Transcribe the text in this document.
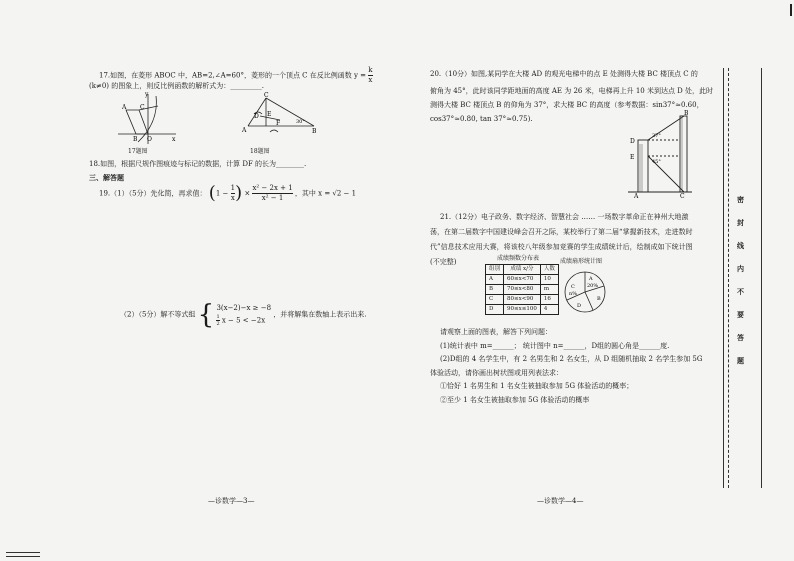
17.如图，在菱形 ABOC 中，AB=2,∠A=60°，菱形的一个顶点 C 在反比例函数 $y = \frac{k}{x}$
(k≠0) 的图象上，则反比例函数的解析式为：_________.
y
A C
B O	x
17题图
C
D E
F
A	B
30°
18题图
18.如图，根据尺规作图痕迹与标记的数据，计算 DF 的长为________.
三、解答题
19.（1）（5分）先化简，再求值： ($1 - \frac{1}{x}$ ) × $\frac{\text{x² − 2x + 1}}{\text{x² − 1}}$ ，其中 x = √2 − 1
（2）（5分）解不等式组 { 3(x−2)−x ≥ −8
$\frac{1}{2}$ x − 5 < −2x
，并将解集在数轴上表示出来.
—诊数学—3—
20.（10分）如图,某同学在大楼 AD 的观光电梯中的点 E 处测得大楼 BC 楼顶点 C 的
俯角为 45°，此时该同学距地面的高度 AE 为 26 米，电梯再上升 10 米到达点 D 处，此时
测得大楼 BC 楼顶点 B 的仰角为 37°，求大楼 BC 的高度（参考数据：sin37°≈0.60，
cos37°≈0.80, tan 37°≈0.75).
D
E
A	C
B
37°
45°
21.（12分）电子政务、数字经济、智慧社会 …… 一场数字革命正在神州大地激
荡，在第二届数字中国建设峰会召开之际，某校举行了第二届“掌握新技术，走进数时
代”信息技术应用大赛，将该校八年级参加竞赛的学生成绩统计后，绘制成如下统计图
(不完整)	成绩频数分布表
组别	成绩 x/分	人数
A	60≤x<70	10
B	70≤x<80	m
C	80≤x<90	16
D	90≤x≤100	4
成绩扇形统计图
A
20%
B
C
n%
D
请观察上面的图表，解答下列问题：
(1)统计表中 m=______； 统计图中 n=______，D组的圆心角是______度.
(2)D组的 4 名学生中，有 2 名男生和 2 名女生，从 D 组随机抽取 2 名学生参加 5G
体验活动，请你画出树状图或用列表法求：
①恰好 1 名男生和 1 名女生被抽取参加 5G 体验活动的概率；
②至少 1 名女生被抽取参加 5G 体验活动的概率
—诊数学—4—
密
封
线
内
不
要
答
题
